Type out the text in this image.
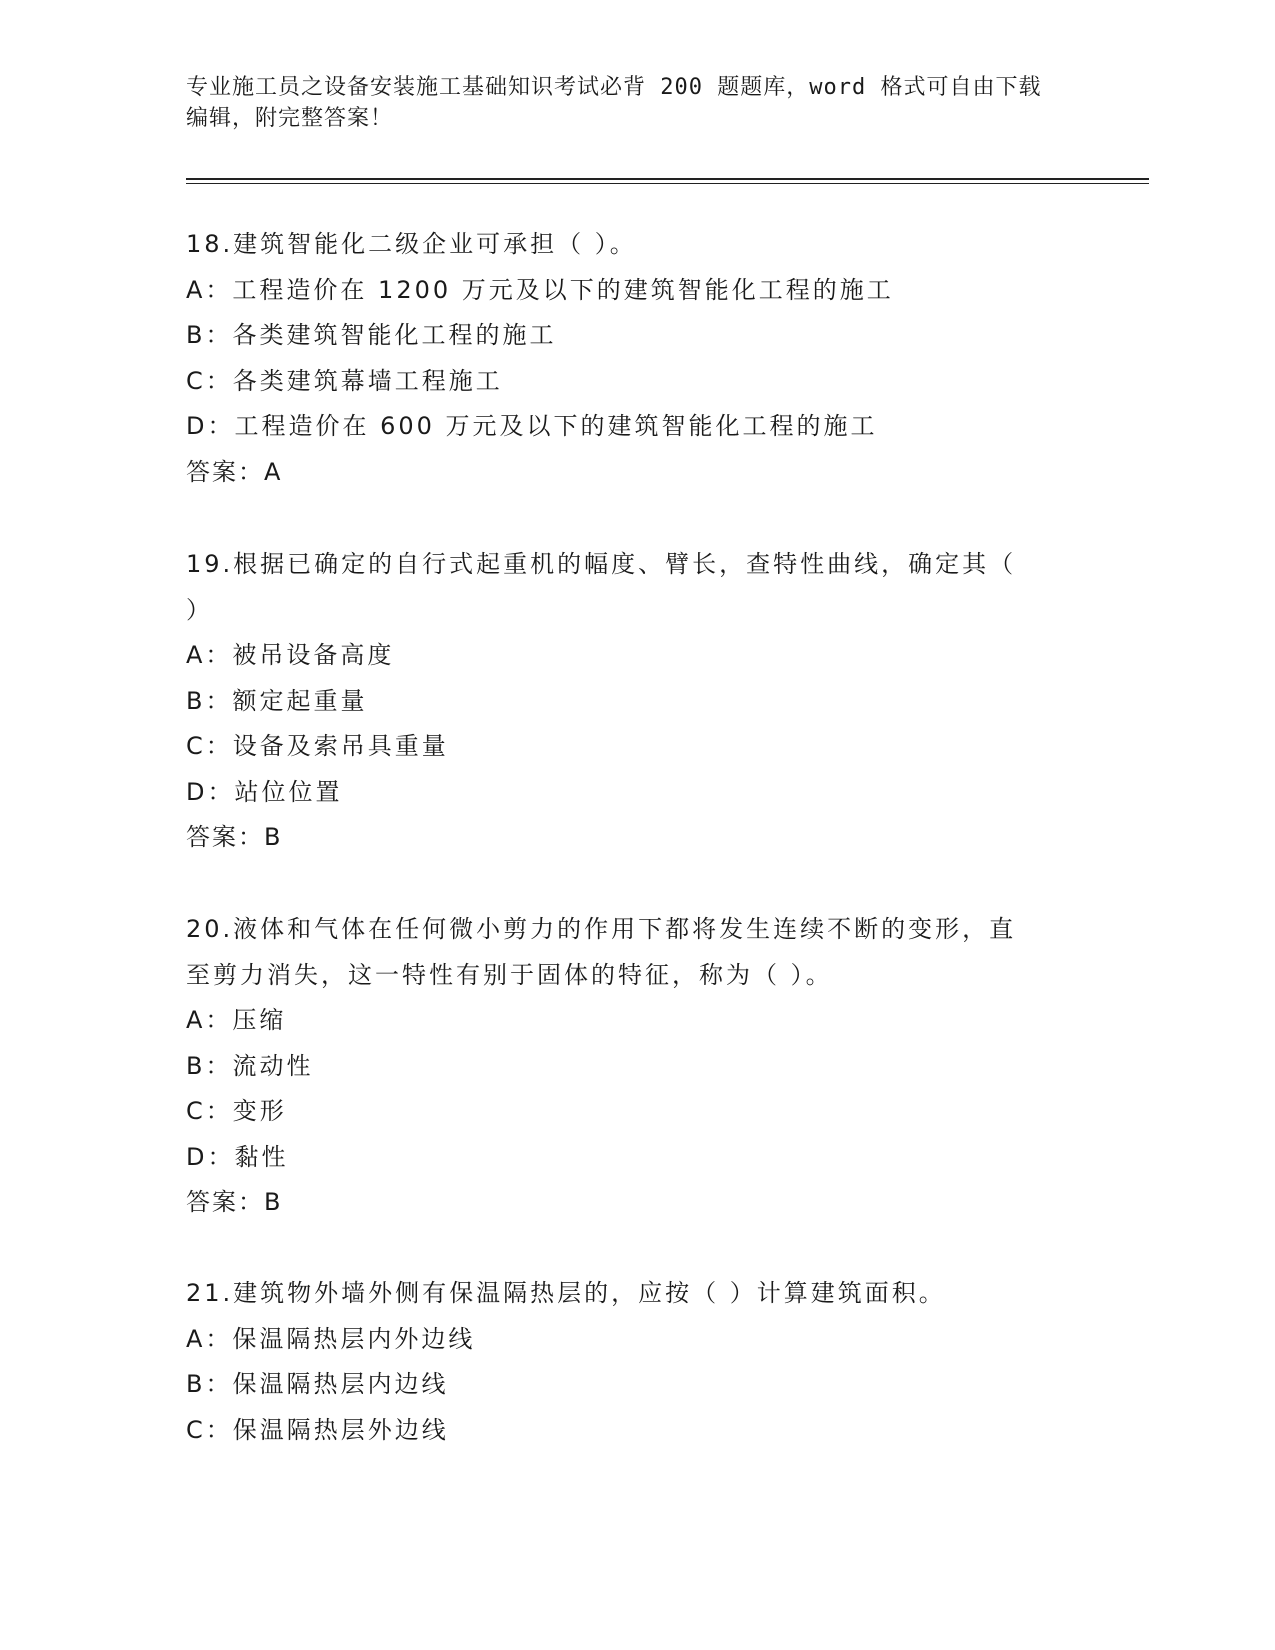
专业施工员之设备安装施工基础知识考试必背 200 题题库，word 格式可自由下载
编辑，附完整答案！
18.建筑智能化二级企业可承担（ ）。
A：工程造价在 1200 万元及以下的建筑智能化工程的施工
B：各类建筑智能化工程的施工
C：各类建筑幕墙工程施工
D：工程造价在 600 万元及以下的建筑智能化工程的施工
答案：A
19.根据已确定的自行式起重机的幅度、臂长，查特性曲线，确定其（
）
A：被吊设备高度
B：额定起重量
C：设备及索吊具重量
D：站位位置
答案：B
20.液体和气体在任何微小剪力的作用下都将发生连续不断的变形，直
至剪力消失，这一特性有别于固体的特征，称为（ ）。
A：压缩
B：流动性
C：变形
D：黏性
答案：B
21.建筑物外墙外侧有保温隔热层的，应按（ ）计算建筑面积。
A：保温隔热层内外边线
B：保温隔热层内边线
C：保温隔热层外边线
